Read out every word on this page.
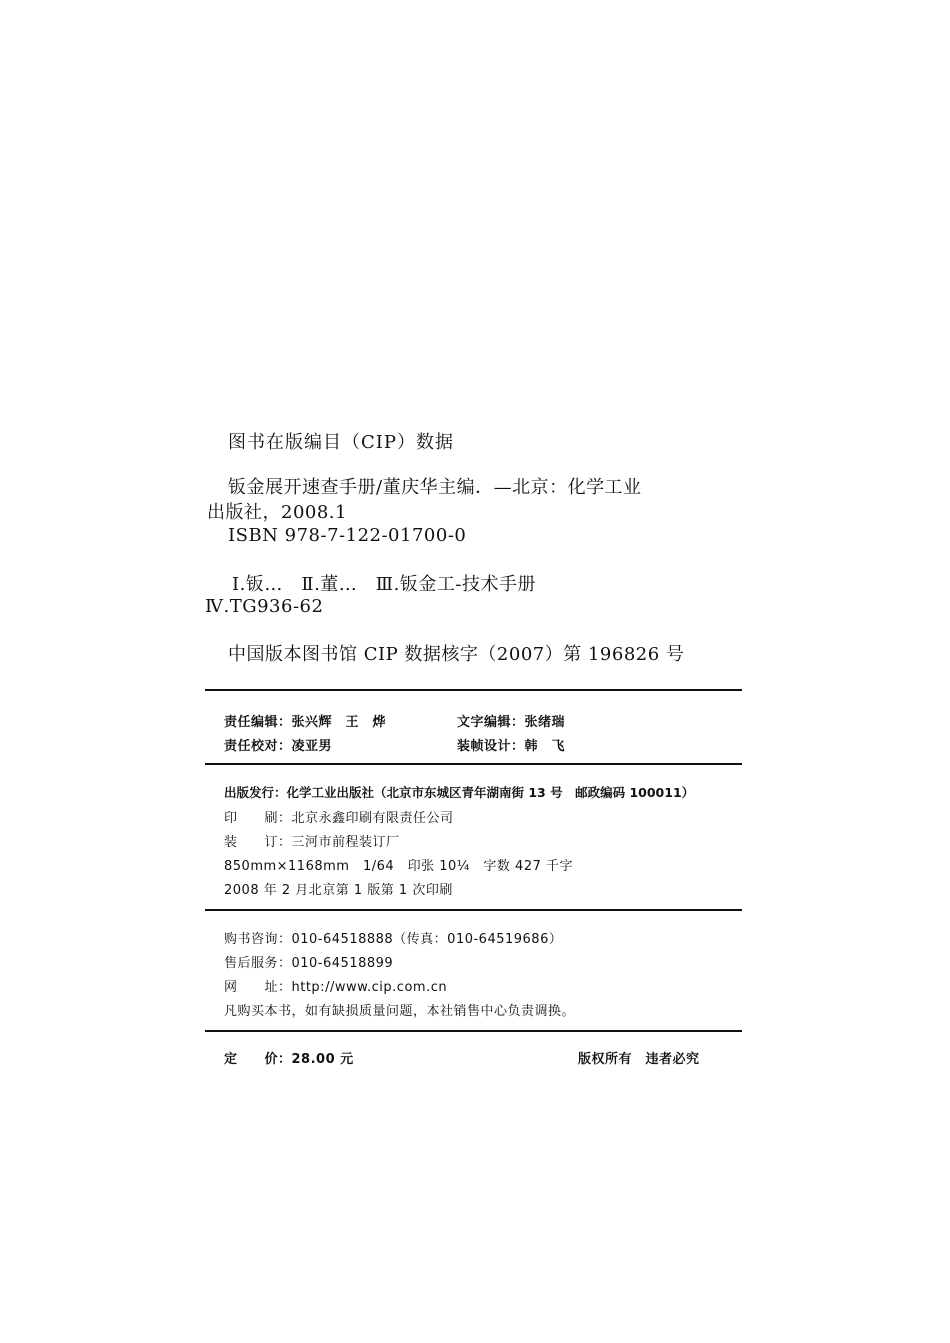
图书在版编目（CIP）数据
钣金展开速查手册/董庆华主编．—北京：化学工业
出版社，2008.1
ISBN 978-7-122-01700-0
Ⅰ.钣…　Ⅱ.董…　Ⅲ.钣金工-技术手册
Ⅳ.TG936-62
中国版本图书馆 CIP 数据核字（2007）第 196826 号
责任编辑：张兴辉　王　烨	文字编辑：张绪瑞
责任校对：凌亚男	装帧设计：韩　飞
出版发行：化学工业出版社（北京市东城区青年湖南街 13 号　邮政编码 100011）
印　　刷：北京永鑫印刷有限责任公司
装　　订：三河市前程装订厂
850mm×1168mm　1/64　印张 10¼　字数 427 千字
2008 年 2 月北京第 1 版第 1 次印刷
购书咨询：010-64518888（传真：010-64519686）
售后服务：010-64518899
网　　址：http://www.cip.com.cn
凡购买本书，如有缺损质量问题，本社销售中心负责调换。
定　　价：28.00 元	版权所有　违者必究
